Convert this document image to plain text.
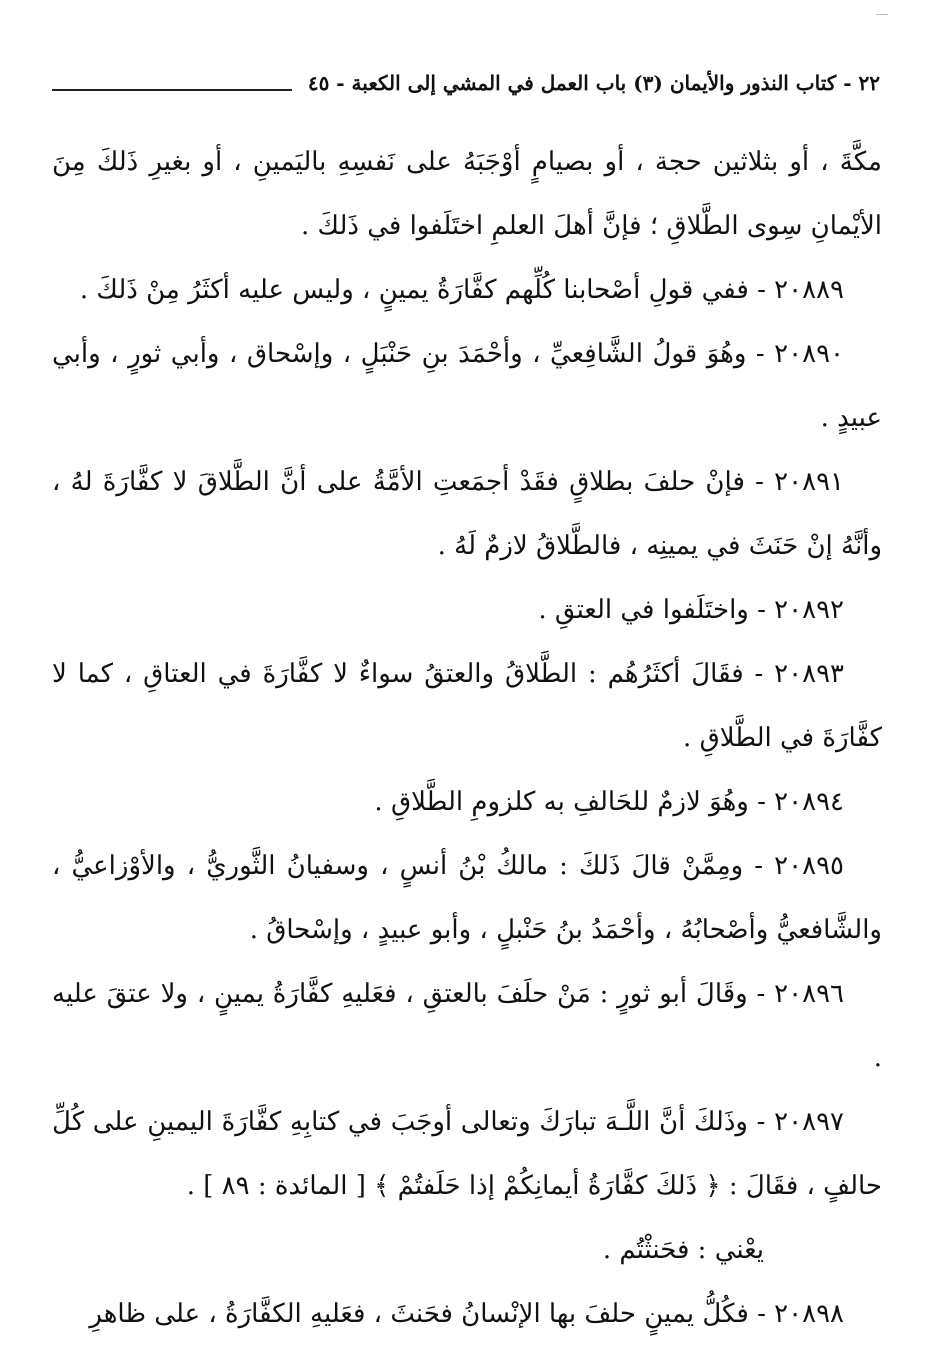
٢٢ - كتاب النذور والأيمان (٣) باب العمل في المشي إلى الكعبة - ٤٥

مكَّةَ ، أو بثلاثين حجة ، أو بصيامٍ أوْجَبَهُ على نَفسِهِ باليَمينِ ، أو بغيرِ ذَلكَ مِنَ الأيْمانِ سِوى الطَّلاقِ ؛ فإنَّ أهلَ العلمِ اختَلَفوا في ذَلكَ .

٢٠٨٨٩ - ففي قولِ أصْحابنا كُلِّهم كفَّارَةُ يمينٍ ، وليس عليه أكثَرُ مِنْ ذَلكَ .

٢٠٨٩٠ - وهُوَ قولُ الشَّافِعيِّ ، وأحْمَدَ بنِ حَنْبَلٍ ، وإسْحاق ، وأبي ثورٍ ، وأبي عبيدٍ .

٢٠٨٩١ - فإنْ حلفَ بطلاقٍ فقَدْ أجمَعتِ الأمَّةُ على أنَّ الطَّلاقَ لا كفَّارَةَ لهُ ، وأنَّهُ إنْ حَنَثَ في يمينِه ، فالطَّلاقُ لازمٌ لَهُ .

٢٠٨٩٢ - واختَلَفوا في العتقِ .

٢٠٨٩٣ - فقَالَ أكثَرُهُم : الطَّلاقُ والعتقُ سواءٌ لا كفَّارَةَ في العتاقِ ، كما لا كفَّارَةَ في الطَّلاقِ .

٢٠٨٩٤ - وهُوَ لازمٌ للحَالفِ به كلزومِ الطَّلاقِ .

٢٠٨٩٥ - ومِمَّنْ قالَ ذَلكَ : مالكُ بْنُ أنسٍ ، وسفيانُ الثَّوريُّ ، والأوْزاعيُّ ، والشَّافعيُّ وأصْحابُهُ ، وأحْمَدُ بنُ حَنْبلٍ ، وأبو عبيدٍ ، وإسْحاقُ .

٢٠٨٩٦ - وقَالَ أبو ثورٍ : مَنْ حلَفَ بالعتقِ ، فعَليهِ كفَّارَةُ يمينٍ ، ولا عتقَ عليه .

٢٠٨٩٧ - وذَلكَ أنَّ اللَّـهَ تبارَكَ وتعالى أوجَبَ في كتابِهِ كفَّارَةَ اليمينِ على كُلِّ حالفٍ ، فقَالَ : ﴿ ذَلكَ كفَّارَةُ أيمانِكُمْ إذا حَلَفتُمْ ﴾ [ المائدة : ٨٩ ] .

يعْني : فحَنثْتُم .

٢٠٨٩٨ - فكُلُّ يمينٍ حلفَ بها الإنْسانُ فحَنثَ ، فعَليهِ الكفَّارَةُ ، على ظاهرِ
